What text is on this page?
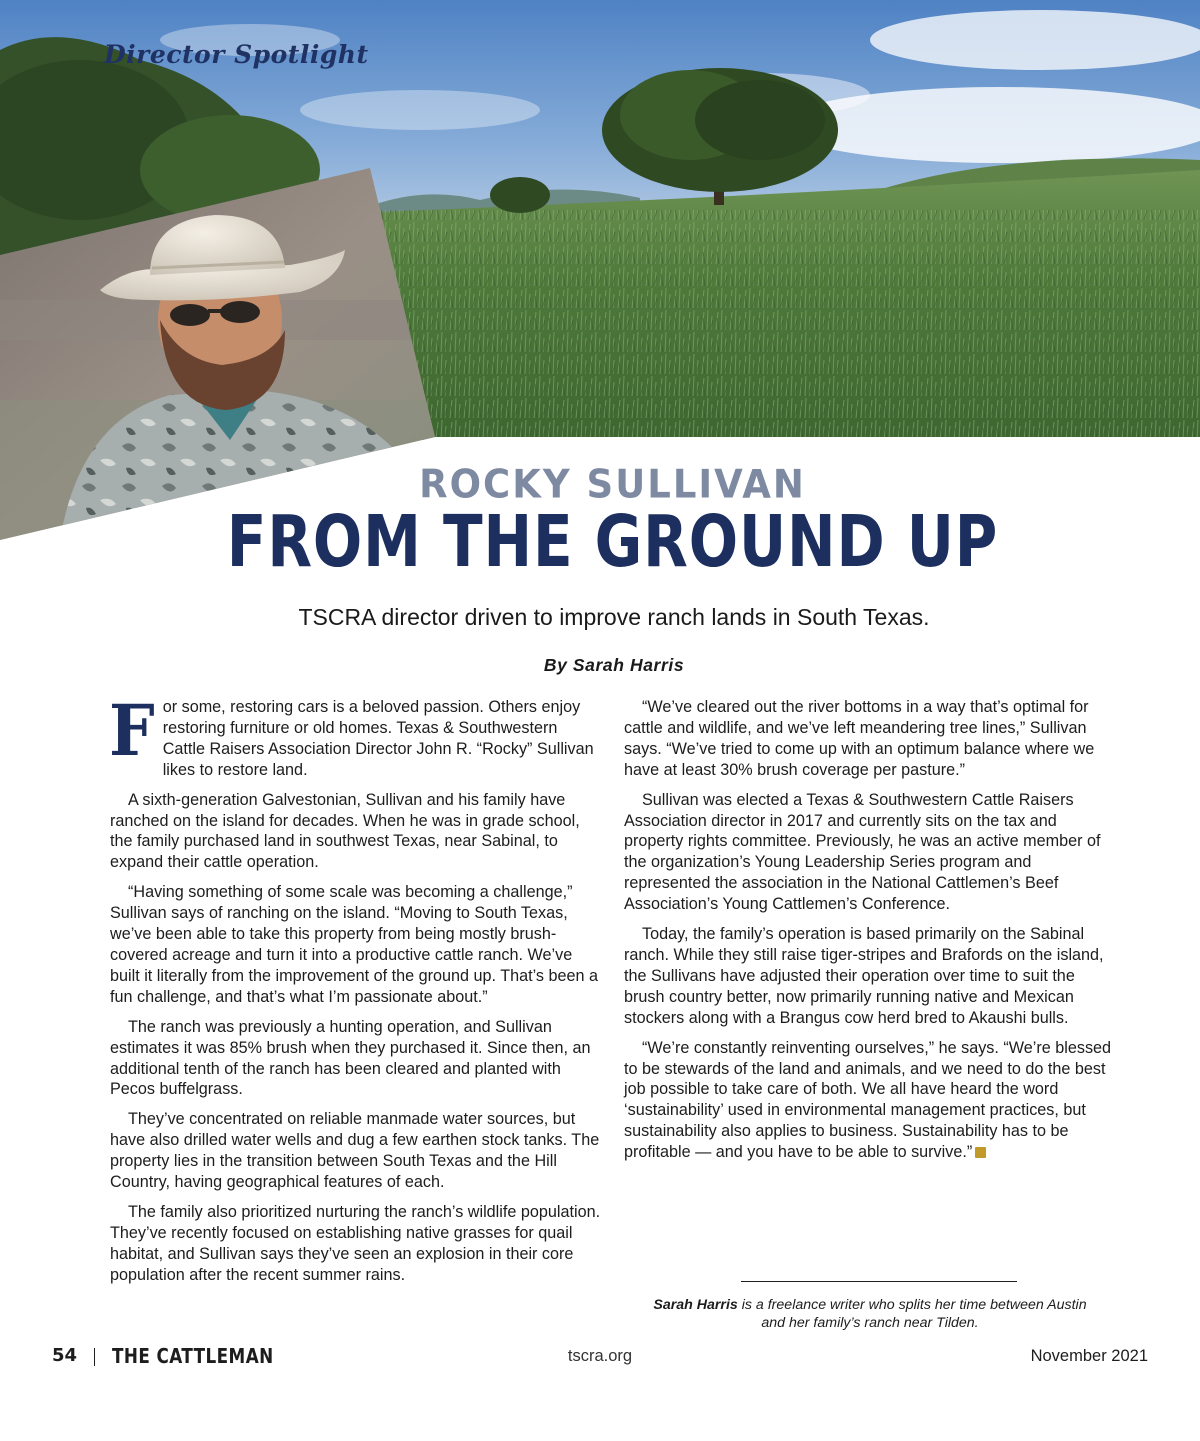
Director Spotlight

ROCKY SULLIVAN
FROM THE GROUND UP

TSCRA director driven to improve ranch lands in South Texas.

By Sarah Harris

For some, restoring cars is a beloved passion. Others enjoy restoring furniture or old homes. Texas & Southwestern Cattle Raisers Association Director John R. “Rocky” Sullivan likes to restore land.

A sixth-generation Galvestonian, Sullivan and his family have ranched on the island for decades. When he was in grade school, the family purchased land in southwest Texas, near Sabinal, to expand their cattle operation.

“Having something of some scale was becoming a challenge,” Sullivan says of ranching on the island. “Moving to South Texas, we’ve been able to take this property from being mostly brush-covered acreage and turn it into a productive cattle ranch. We’ve built it literally from the improvement of the ground up. That’s been a fun challenge, and that’s what I’m passionate about.”

The ranch was previously a hunting operation, and Sullivan estimates it was 85% brush when they purchased it. Since then, an additional tenth of the ranch has been cleared and planted with Pecos buffelgrass.

They’ve concentrated on reliable manmade water sources, but have also drilled water wells and dug a few earthen stock tanks. The property lies in the transition between South Texas and the Hill Country, having geographical features of each.

The family also prioritized nurturing the ranch’s wildlife population. They’ve recently focused on establishing native grasses for quail habitat, and Sullivan says they’ve seen an explosion in their core population after the recent summer rains.

“We’ve cleared out the river bottoms in a way that’s optimal for cattle and wildlife, and we’ve left meandering tree lines,” Sullivan says. “We’ve tried to come up with an optimum balance where we have at least 30% brush coverage per pasture.”

Sullivan was elected a Texas & Southwestern Cattle Raisers Association director in 2017 and currently sits on the tax and property rights committee. Previously, he was an active member of the organization’s Young Leadership Series program and represented the association in the National Cattlemen’s Beef Association’s Young Cattlemen’s Conference.

Today, the family’s operation is based primarily on the Sabinal ranch. While they still raise tiger-stripes and Brafords on the island, the Sullivans have adjusted their operation over time to suit the brush country better, now primarily running native and Mexican stockers along with a Brangus cow herd bred to Akaushi bulls.

“We’re constantly reinventing ourselves,” he says. “We’re blessed to be stewards of the land and animals, and we need to do the best job possible to take care of both. We all have heard the word ‘sustainability’ used in environmental management practices, but sustainability also applies to business. Sustainability has to be profitable — and you have to be able to survive.”

Sarah Harris is a freelance writer who splits her time between Austin and her family’s ranch near Tilden.

54 THE CATTLEMAN	tscra.org	November 2021
